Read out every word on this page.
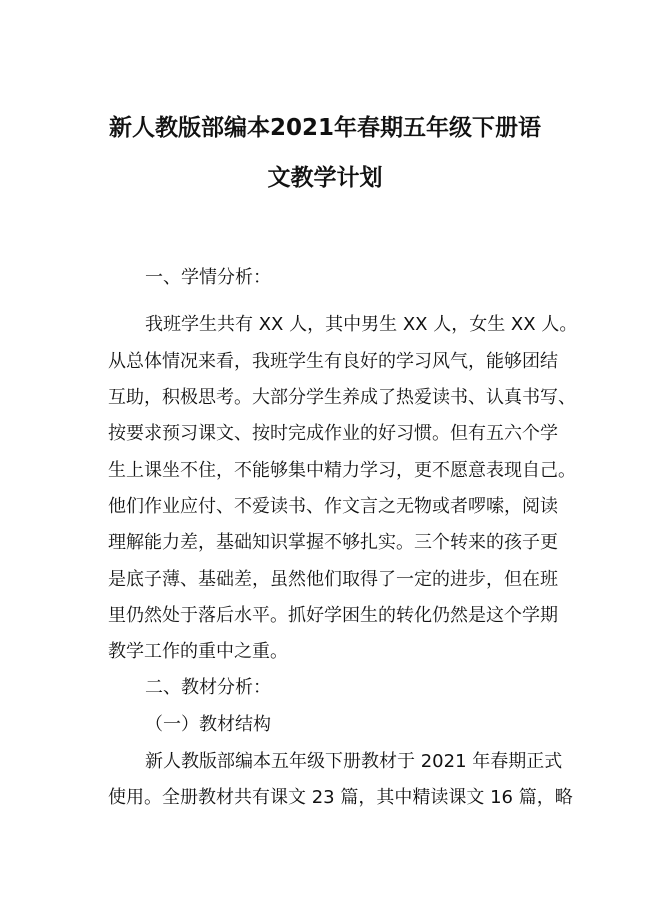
新人教版部编本2021年春期五年级下册语
文教学计划
一、学情分析：
我班学生共有 XX 人，其中男生 XX 人，女生 XX 人。
从总体情况来看，我班学生有良好的学习风气，能够团结
互助，积极思考。大部分学生养成了热爱读书、认真书写、
按要求预习课文、按时完成作业的好习惯。但有五六个学
生上课坐不住，不能够集中精力学习，更不愿意表现自己。
他们作业应付、不爱读书、作文言之无物或者啰嗦，阅读
理解能力差，基础知识掌握不够扎实。三个转来的孩子更
是底子薄、基础差，虽然他们取得了一定的进步，但在班
里仍然处于落后水平。抓好学困生的转化仍然是这个学期
教学工作的重中之重。
二、教材分析：
（一）教材结构
新人教版部编本五年级下册教材于 2021 年春期正式
使用。全册教材共有课文 23 篇，其中精读课文 16 篇，略
